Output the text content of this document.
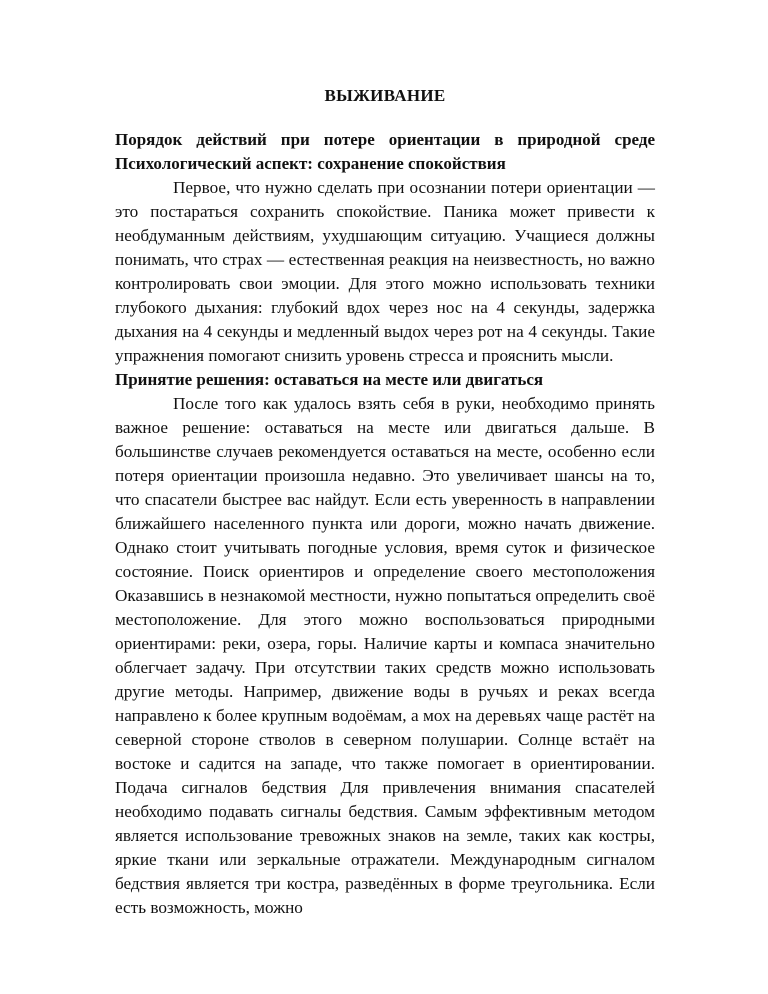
ВЫЖИВАНИЕ

Порядок действий при потере ориентации в природной среде

Психологический аспект: сохранение спокойствия

Первое, что нужно сделать при осознании потери ориентации — это постараться сохранить спокойствие. Паника может привести к необдуманным действиям, ухудшающим ситуацию. Учащиеся должны понимать, что страх — естественная реакция на неизвестность, но важно контролировать свои эмоции. Для этого можно использовать техники глубокого дыхания: глубокий вдох через нос на 4 секунды, задержка дыхания на 4 секунды и медленный выдох через рот на 4 секунды. Такие упражнения помогают снизить уровень стресса и прояснить мысли.

Принятие решения: оставаться на месте или двигаться

После того как удалось взять себя в руки, необходимо принять важное решение: оставаться на месте или двигаться дальше. В большинстве случаев рекомендуется оставаться на месте, особенно если потеря ориентации произошла недавно. Это увеличивает шансы на то, что спасатели быстрее вас найдут. Если есть уверенность в направлении ближайшего населенного пункта или дороги, можно начать движение. Однако стоит учитывать погодные условия, время суток и физическое состояние. Поиск ориентиров и определение своего местоположения Оказавшись в незнакомой местности, нужно попытаться определить своё местоположение. Для этого можно воспользоваться природными ориентирами: реки, озера, горы. Наличие карты и компаса значительно облегчает задачу. При отсутствии таких средств можно использовать другие методы. Например, движение воды в ручьях и реках всегда направлено к более крупным водоёмам, а мох на деревьях чаще растёт на северной стороне стволов в северном полушарии. Солнце встаёт на востоке и садится на западе, что также помогает в ориентировании. Подача сигналов бедствия Для привлечения внимания спасателей необходимо подавать сигналы бедствия. Самым эффективным методом является использование тревожных знаков на земле, таких как костры, яркие ткани или зеркальные отражатели. Международным сигналом бедствия является три костра, разведённых в форме треугольника. Если есть возможность, можно
